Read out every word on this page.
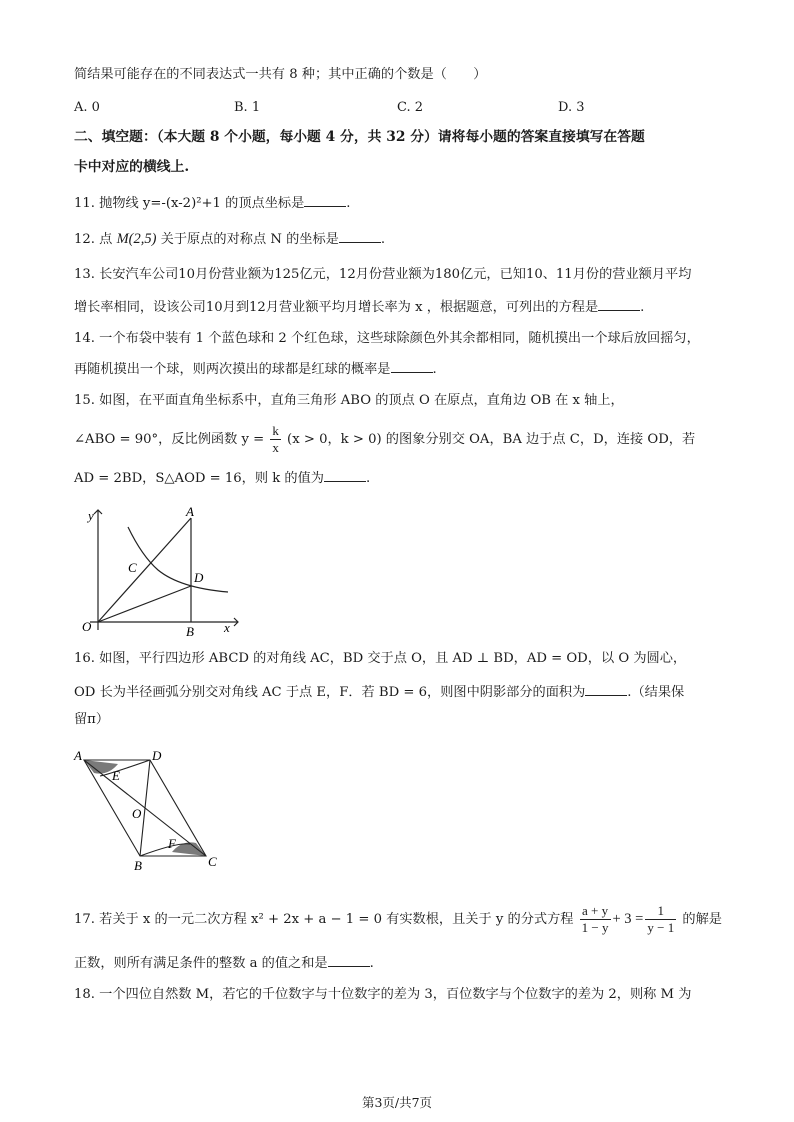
简结果可能存在的不同表达式一共有 8 种；其中正确的个数是（　　）
A. 0	B. 1	C. 2	D. 3
二、填空题：（本大题 8 个小题，每小题 4 分，共 32 分）请将每小题的答案直接填写在答题
卡中对应的横线上.
11. 抛物线 y=-(x-2)²+1 的顶点坐标是	.
12. 点 M(2,5) 关于原点的对称点 N 的坐标是	.
13. 长安汽车公司10月份营业额为125亿元，12月份营业额为180亿元，已知10、11月份的营业额月平均
增长率相同，设该公司10月到12月营业额平均月增长率为 x ，根据题意，可列出的方程是	.
14. 一个布袋中装有 1 个蓝色球和 2 个红色球，这些球除颜色外其余都相同，随机摸出一个球后放回摇匀，
再随机摸出一个球，则两次摸出的球都是红球的概率是	.
15. 如图，在平面直角坐标系中，直角三角形 ABO 的顶点 O 在原点，直角边 OB 在 x 轴上，
∠ABO = 90°，反比例函数 $y = \frac{k}{x} (x > 0$，k > 0) 的图象分别交 OA，BA 边于点 C，D，连接 OD，若
AD = 2BD，S△AOD = 16，则 k 的值为	.
y	A
C
D
O	B x
16. 如图，平行四边形 ABCD 的对角线 AC，BD 交于点 O，且 AD ⊥ BD，AD = OD，以 O 为圆心，
OD 长为半径画弧分别交对角线 AC 于点 E，F．若 BD = 6，则图中阴影部分的面积为	.（结果保
留π）
A	D
E
O
F
B	C
17. 若关于 x 的一元二次方程 x² + 2x + a − 1 = 0 有实数根，且关于 y 的分式方程 $\frac{a + y}{1 - y} + 3 = \frac{1}{y - 1}$ 的解是
正数，则所有满足条件的整数 a 的值之和是	.
18. 一个四位自然数 M，若它的千位数字与十位数字的差为 3，百位数字与个位数字的差为 2，则称 M 为
第3页/共7页
